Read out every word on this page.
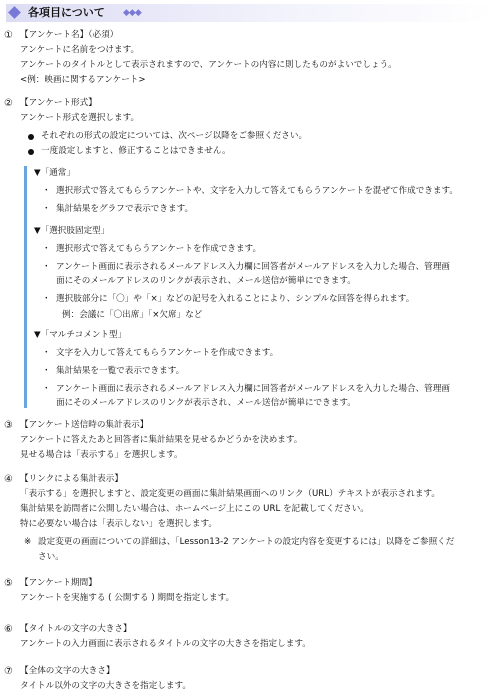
各項目について ◆◆◆
① 【アンケート名】（必須）
アンケートに名前をつけます。
アンケートのタイトルとして表示されますので、アンケートの内容に則したものがよいでしょう。
<例：映画に関するアンケート>
② 【アンケート形式】
アンケート形式を選択します。
それぞれの形式の設定については、次ページ以降をご参照ください。
一度設定しますと、修正することはできません。
▼「通常」
・ 選択形式で答えてもらうアンケートや、文字を入力して答えてもらうアンケートを混ぜて作成できます。
・ 集計結果をグラフで表示できます。
▼「選択肢固定型」
・ 選択形式で答えてもらうアンケートを作成できます。
・ アンケート画面に表示されるメールアドレス入力欄に回答者がメールアドレスを入力した場合、管理画
面にそのメールアドレスのリンクが表示され、メール送信が簡単にできます。
・ 選択肢部分に「〇」や「×」などの記号を入れることにより、シンプルな回答を得られます。
例：会議に「〇出席」「×欠席」など
▼「マルチコメント型」
・ 文字を入力して答えてもらうアンケートを作成できます。
・ 集計結果を一覧で表示できます。
・ アンケート画面に表示されるメールアドレス入力欄に回答者がメールアドレスを入力した場合、管理画
面にそのメールアドレスのリンクが表示され、メール送信が簡単にできます。
③ 【アンケート送信時の集計表示】
アンケートに答えたあと回答者に集計結果を見せるかどうかを決めます。
見せる場合は「表示する」を選択します。
④ 【リンクによる集計表示】
「表示する」を選択しますと、設定変更の画面に集計結果画面へのリンク（URL）テキストが表示されます。
集計結果を訪問者に公開したい場合は、ホームページ上にこの URL を記載してください。
特に必要ない場合は「表示しない」を選択します。
※ 設定変更の画面についての詳細は、「Lesson13-2 アンケートの設定内容を変更するには」以降をご参照くだ
さい。
⑤ 【アンケート期間】
アンケートを実施する ( 公開する ) 期間を指定します。
⑥ 【タイトルの文字の大きさ】
アンケートの入力画面に表示されるタイトルの文字の大きさを指定します。
⑦ 【全体の文字の大きさ】
タイトル以外の文字の大きさを指定します。
